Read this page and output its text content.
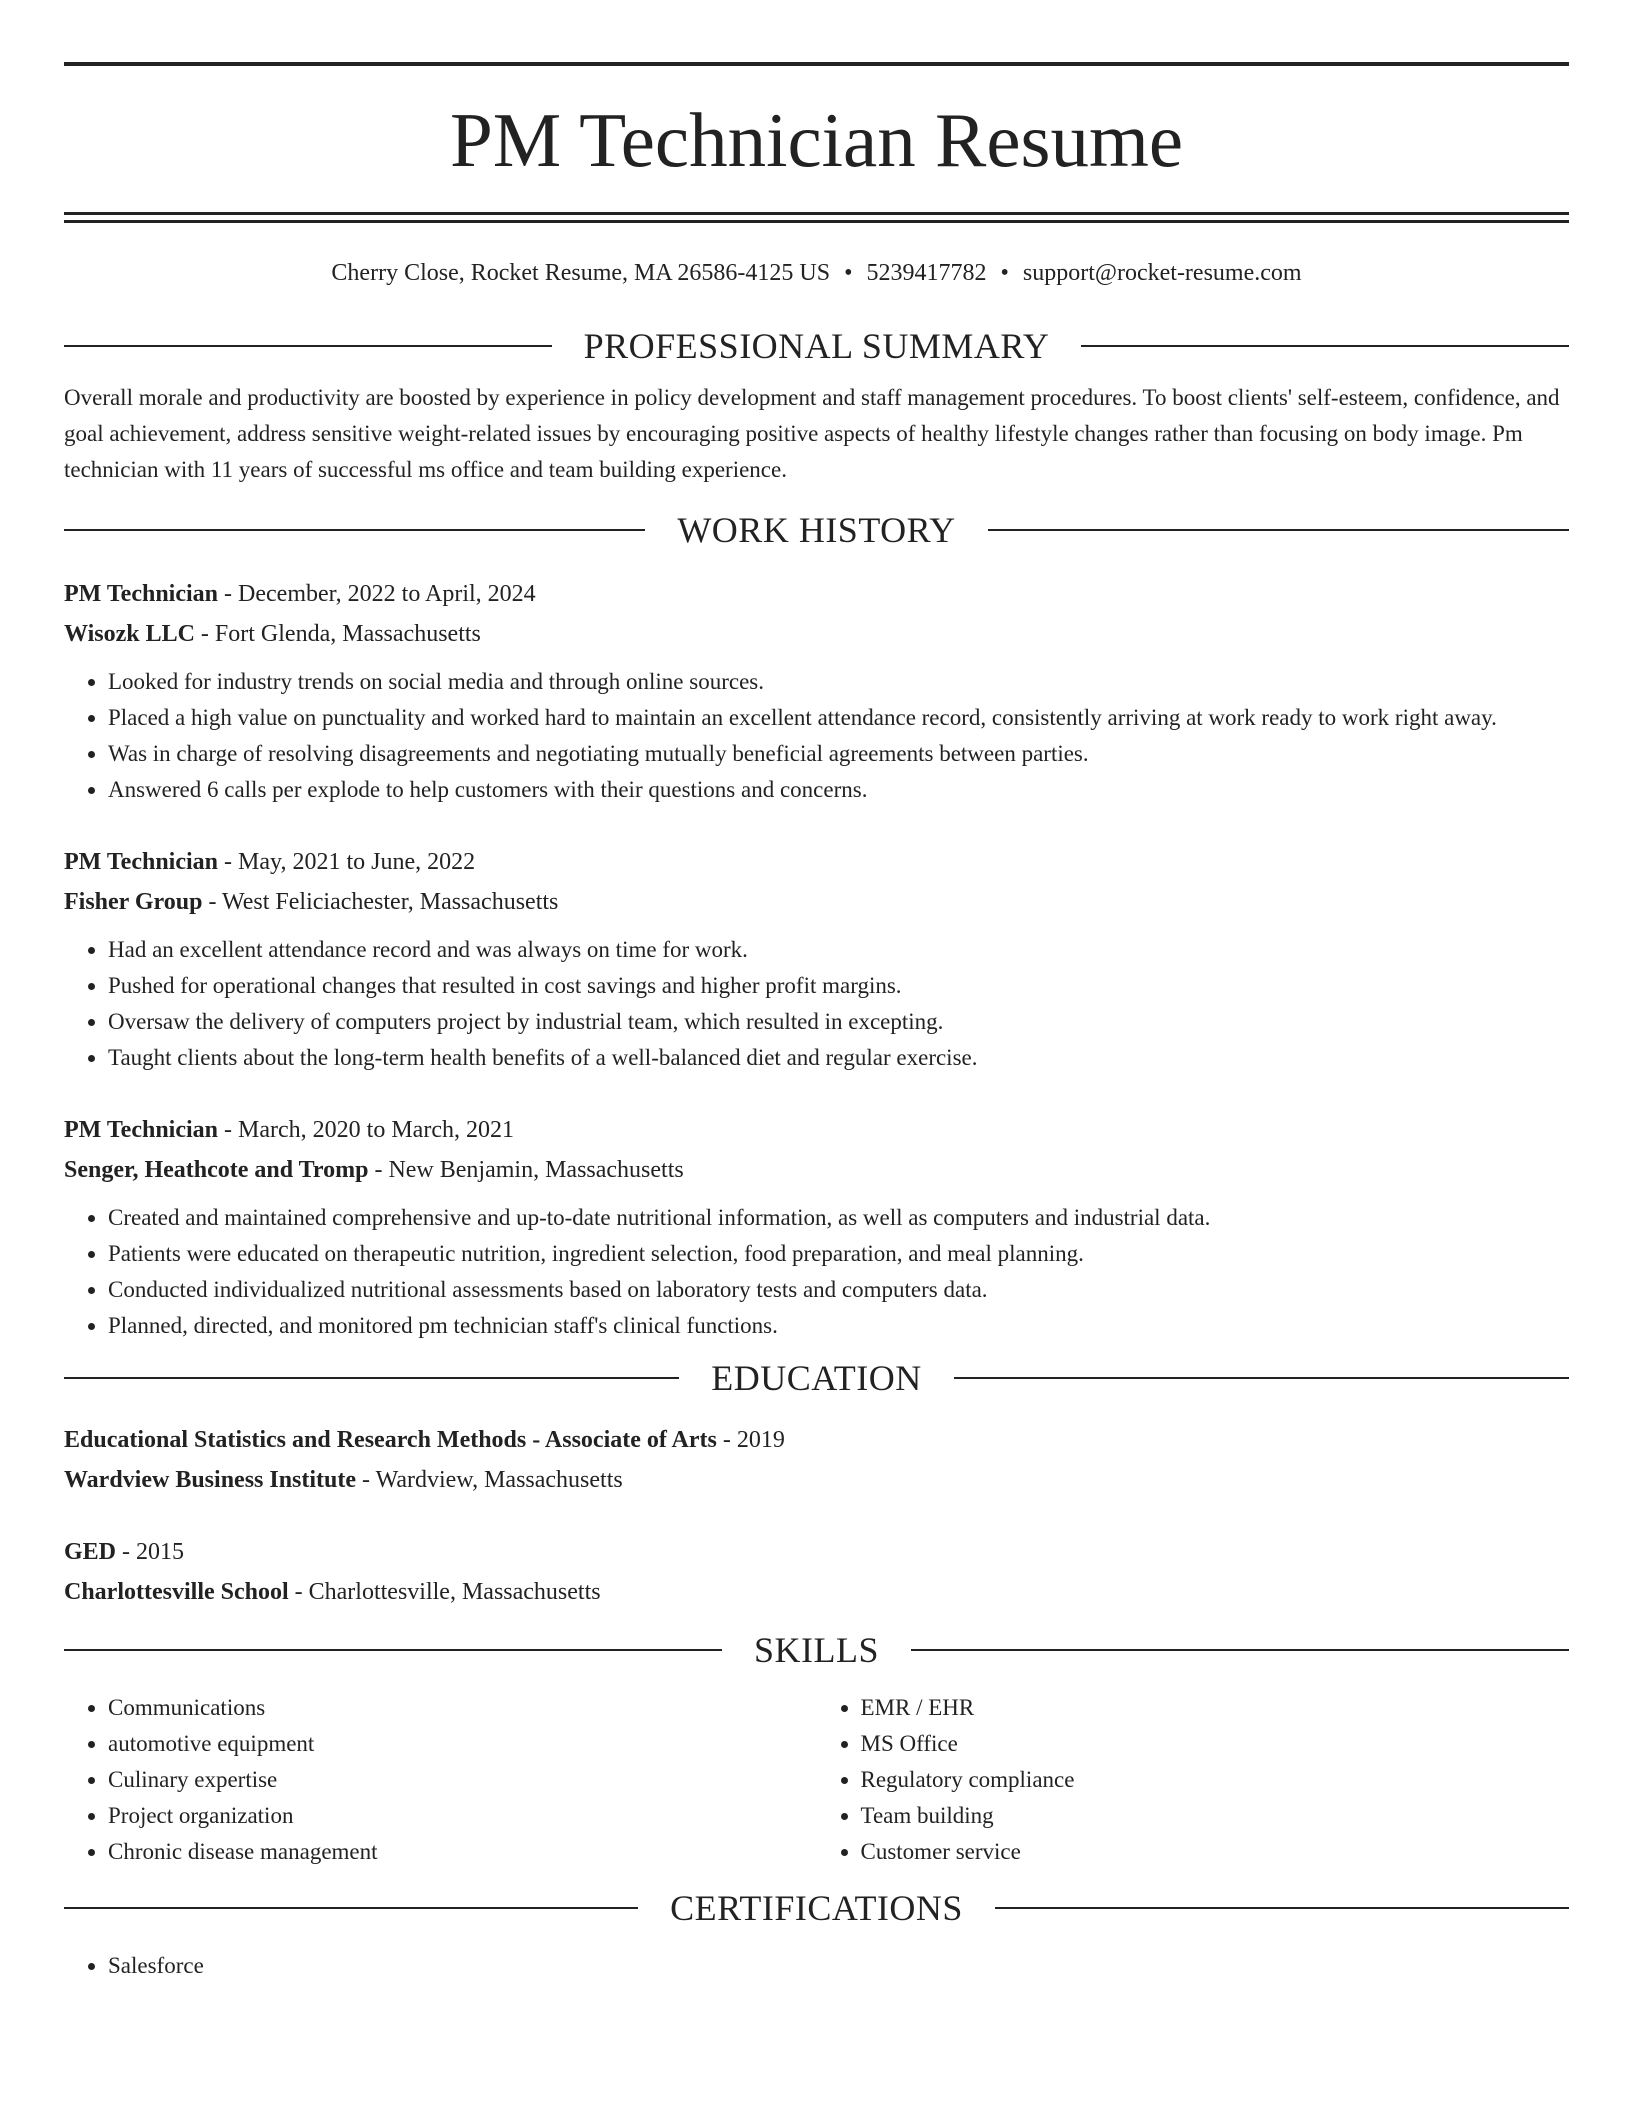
PM Technician Resume
Cherry Close, Rocket Resume, MA 26586-4125 US • 5239417782 • support@rocket-resume.com
PROFESSIONAL SUMMARY

Overall morale and productivity are boosted by experience in policy development and staff management procedures. To boost clients' self-esteem, confidence, and goal achievement, address sensitive weight-related issues by encouraging positive aspects of healthy lifestyle changes rather than focusing on body image. Pm technician with 11 years of successful ms office and team building experience.

WORK HISTORY

PM Technician - December, 2022 to April, 2024

Wisozk LLC - Fort Glenda, Massachusetts

• Looked for industry trends on social media and through online sources.
• Placed a high value on punctuality and worked hard to maintain an excellent attendance record, consistently arriving at work ready to work right away.
• Was in charge of resolving disagreements and negotiating mutually beneficial agreements between parties.
• Answered 6 calls per explode to help customers with their questions and concerns.

PM Technician - May, 2021 to June, 2022

Fisher Group - West Feliciachester, Massachusetts

• Had an excellent attendance record and was always on time for work.
• Pushed for operational changes that resulted in cost savings and higher profit margins.
• Oversaw the delivery of computers project by industrial team, which resulted in excepting.
• Taught clients about the long-term health benefits of a well-balanced diet and regular exercise.

PM Technician - March, 2020 to March, 2021

Senger, Heathcote and Tromp - New Benjamin, Massachusetts

• Created and maintained comprehensive and up-to-date nutritional information, as well as computers and industrial data.
• Patients were educated on therapeutic nutrition, ingredient selection, food preparation, and meal planning.
• Conducted individualized nutritional assessments based on laboratory tests and computers data.
• Planned, directed, and monitored pm technician staff's clinical functions.
EDUCATION

Educational Statistics and Research Methods - Associate of Arts - 2019

Wardview Business Institute - Wardview, Massachusetts

GED - 2015

Charlottesville School - Charlottesville, Massachusetts

SKILLS
• Communications
• automotive equipment
• Culinary expertise
• Project organization
• Chronic disease management
• EMR / EHR
• MS Office
• Regulatory compliance
• Team building
• Customer service
CERTIFICATIONS
• Salesforce
